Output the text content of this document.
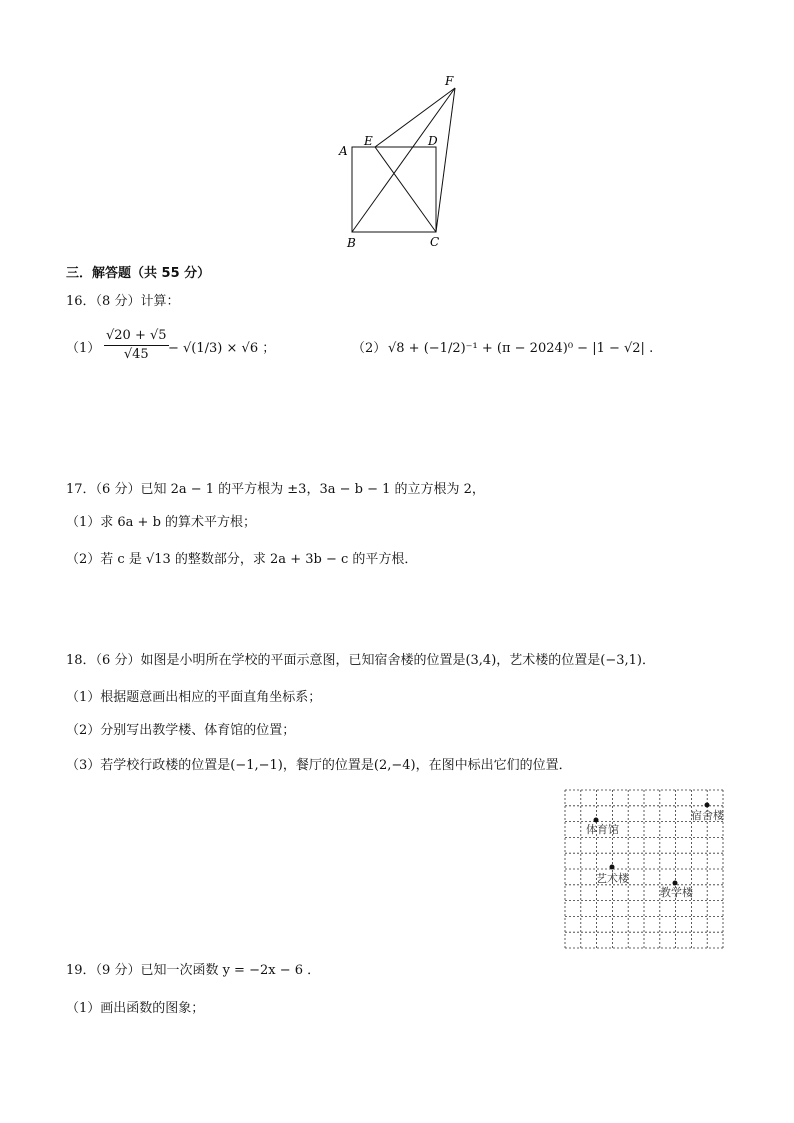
A
B	C
D
E
F
三．解答题（共 55 分）
16．（8 分）计算：
$(1) \frac{√20 + √5}{√45} - √(1/3) \times √6$ ；	（2） √8 + (−1/2)⁻¹ + (π − 2024)⁰ − |1 − √2| .
17．（6 分）已知 2a − 1 的平方根为 ±3，3a − b − 1 的立方根为 2，
（1）求 6a + b 的算术平方根；
（2）若 c 是 √13 的整数部分，求 2a + 3b − c 的平方根．
18．（6 分）如图是小明所在学校的平面示意图，已知宿舍楼的位置是(3,4)，艺术楼的位置是(−3,1)．
（1）根据题意画出相应的平面直角坐标系；
（2）分别写出教学楼、体育馆的位置；
（3）若学校行政楼的位置是(−1,−1)，餐厅的位置是(2,−4)，在图中标出它们的位置．
体育馆
宿舍楼
艺术楼
教学楼
19．（9 分）已知一次函数 y = −2x − 6 ．
（1）画出函数的图象；
